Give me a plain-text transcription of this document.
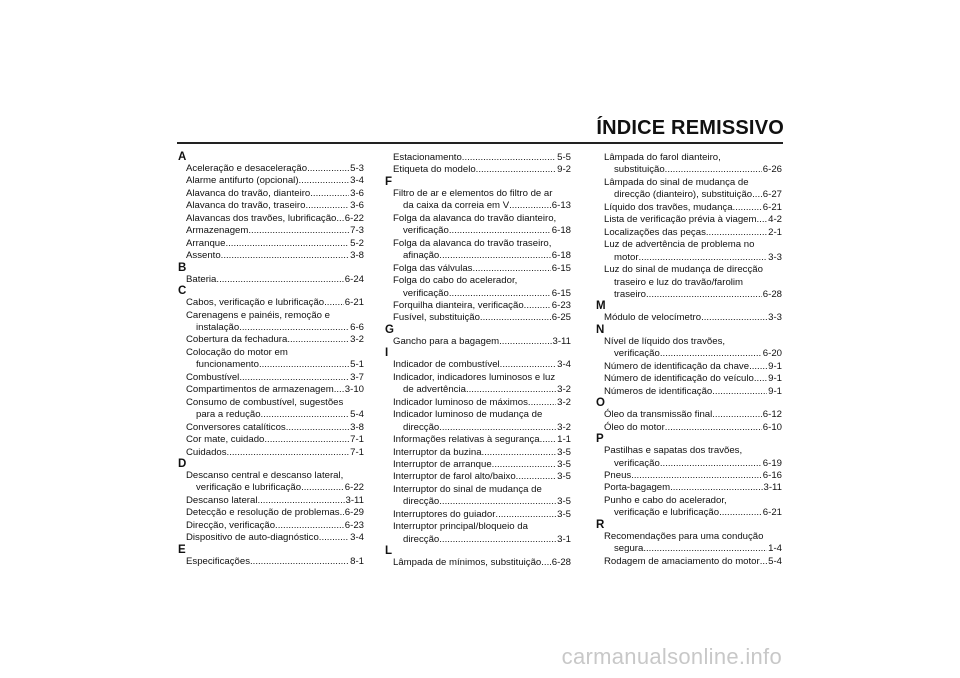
ÍNDICE REMISSIVO
A
Aceleração e desaceleração .....	5-3
Alarme antifurto (opcional) .....	3-4
Alavanca do travão, dianteiro .....	3-6
Alavanca do travão, traseiro .....	3-6
Alavancas dos travões, lubrificação ..... 6-22
Armazenagem .....	7-3
Arranque .....	5-2
Assento .....	3-8
B
Bateria .....	6-24
C
Cabos, verificação e lubrificação ..... 6-21
Carenagens e painéis, remoção e
instalação .....	6-6
Cobertura da fechadura .....	3-2
Colocação do motor em
funcionamento .....	5-1
Combustível .....	3-7
Compartimentos de armazenagem ..... 3-10
Consumo de combustível, sugestões
para a redução .....	5-4
Conversores catalíticos .....	3-8
Cor mate, cuidado .....	7-1
Cuidados .....	7-1
D
Descanso central e descanso lateral,
verificação e lubrificação .....	6-22
Descanso lateral .....	3-11
Detecção e resolução de problemas ..... 6-29
Direcção, verificação .....	6-23
Dispositivo de auto-diagnóstico .....	3-4
E
Especificações .....	8-1
Estacionamento .....	5-5
Etiqueta do modelo .....	9-2
F
Filtro de ar e elementos do filtro de ar
da caixa da correia em V .....	6-13
Folga da alavanca do travão dianteiro,
verificação .....	6-18
Folga da alavanca do travão traseiro,
afinação .....	6-18
Folga das válvulas .....	6-15
Folga do cabo do acelerador,
verificação .....	6-15
Forquilha dianteira, verificação .....	6-23
Fusível, substituição .....	6-25
G
Gancho para a bagagem .....	3-11
I
Indicador de combustível .....	3-4
Indicador, indicadores luminosos e luz
de advertência .....	3-2
Indicador luminoso de máximos .....	3-2
Indicador luminoso de mudança de
direcção .....	3-2
Informações relativas à segurança ..... 1-1
Interruptor da buzina .....	3-5
Interruptor de arranque .....	3-5
Interruptor de farol alto/baixo .....	3-5
Interruptor do sinal de mudança de
direcção .....	3-5
Interruptores do guiador .....	3-5
Interruptor principal/bloqueio da
direcção .....	3-1
L
Lâmpada de mínimos, substituição ..... 6-28
Lâmpada do farol dianteiro,
substituição .....	6-26
Lâmpada do sinal de mudança de
direcção (dianteiro), substituição ..... 6-27
Líquido dos travões, mudança .....	6-21
Lista de verificação prévia à viagem ..... 4-2
Localizações das peças .....	2-1
Luz de advertência de problema no
motor .....	3-3
Luz do sinal de mudança de direcção
traseiro e luz do travão/farolim
traseiro .....	6-28
M
Módulo de velocímetro .....	3-3
N
Nível de líquido dos travões,
verificação .....	6-20
Número de identificação da chave ..... 9-1
Número de identificação do veículo ..... 9-1
Números de identificação .....	9-1
O
Óleo da transmissão final .....	6-12
Óleo do motor .....	6-10
P
Pastilhas e sapatas dos travões,
verificação .....	6-19
Pneus .....	6-16
Porta-bagagem .....	3-11
Punho e cabo do acelerador,
verificação e lubrificação .....	6-21
R
Recomendações para uma condução
segura .....	1-4
Rodagem de amaciamento do motor ..... 5-4
carmanualsonline.info
